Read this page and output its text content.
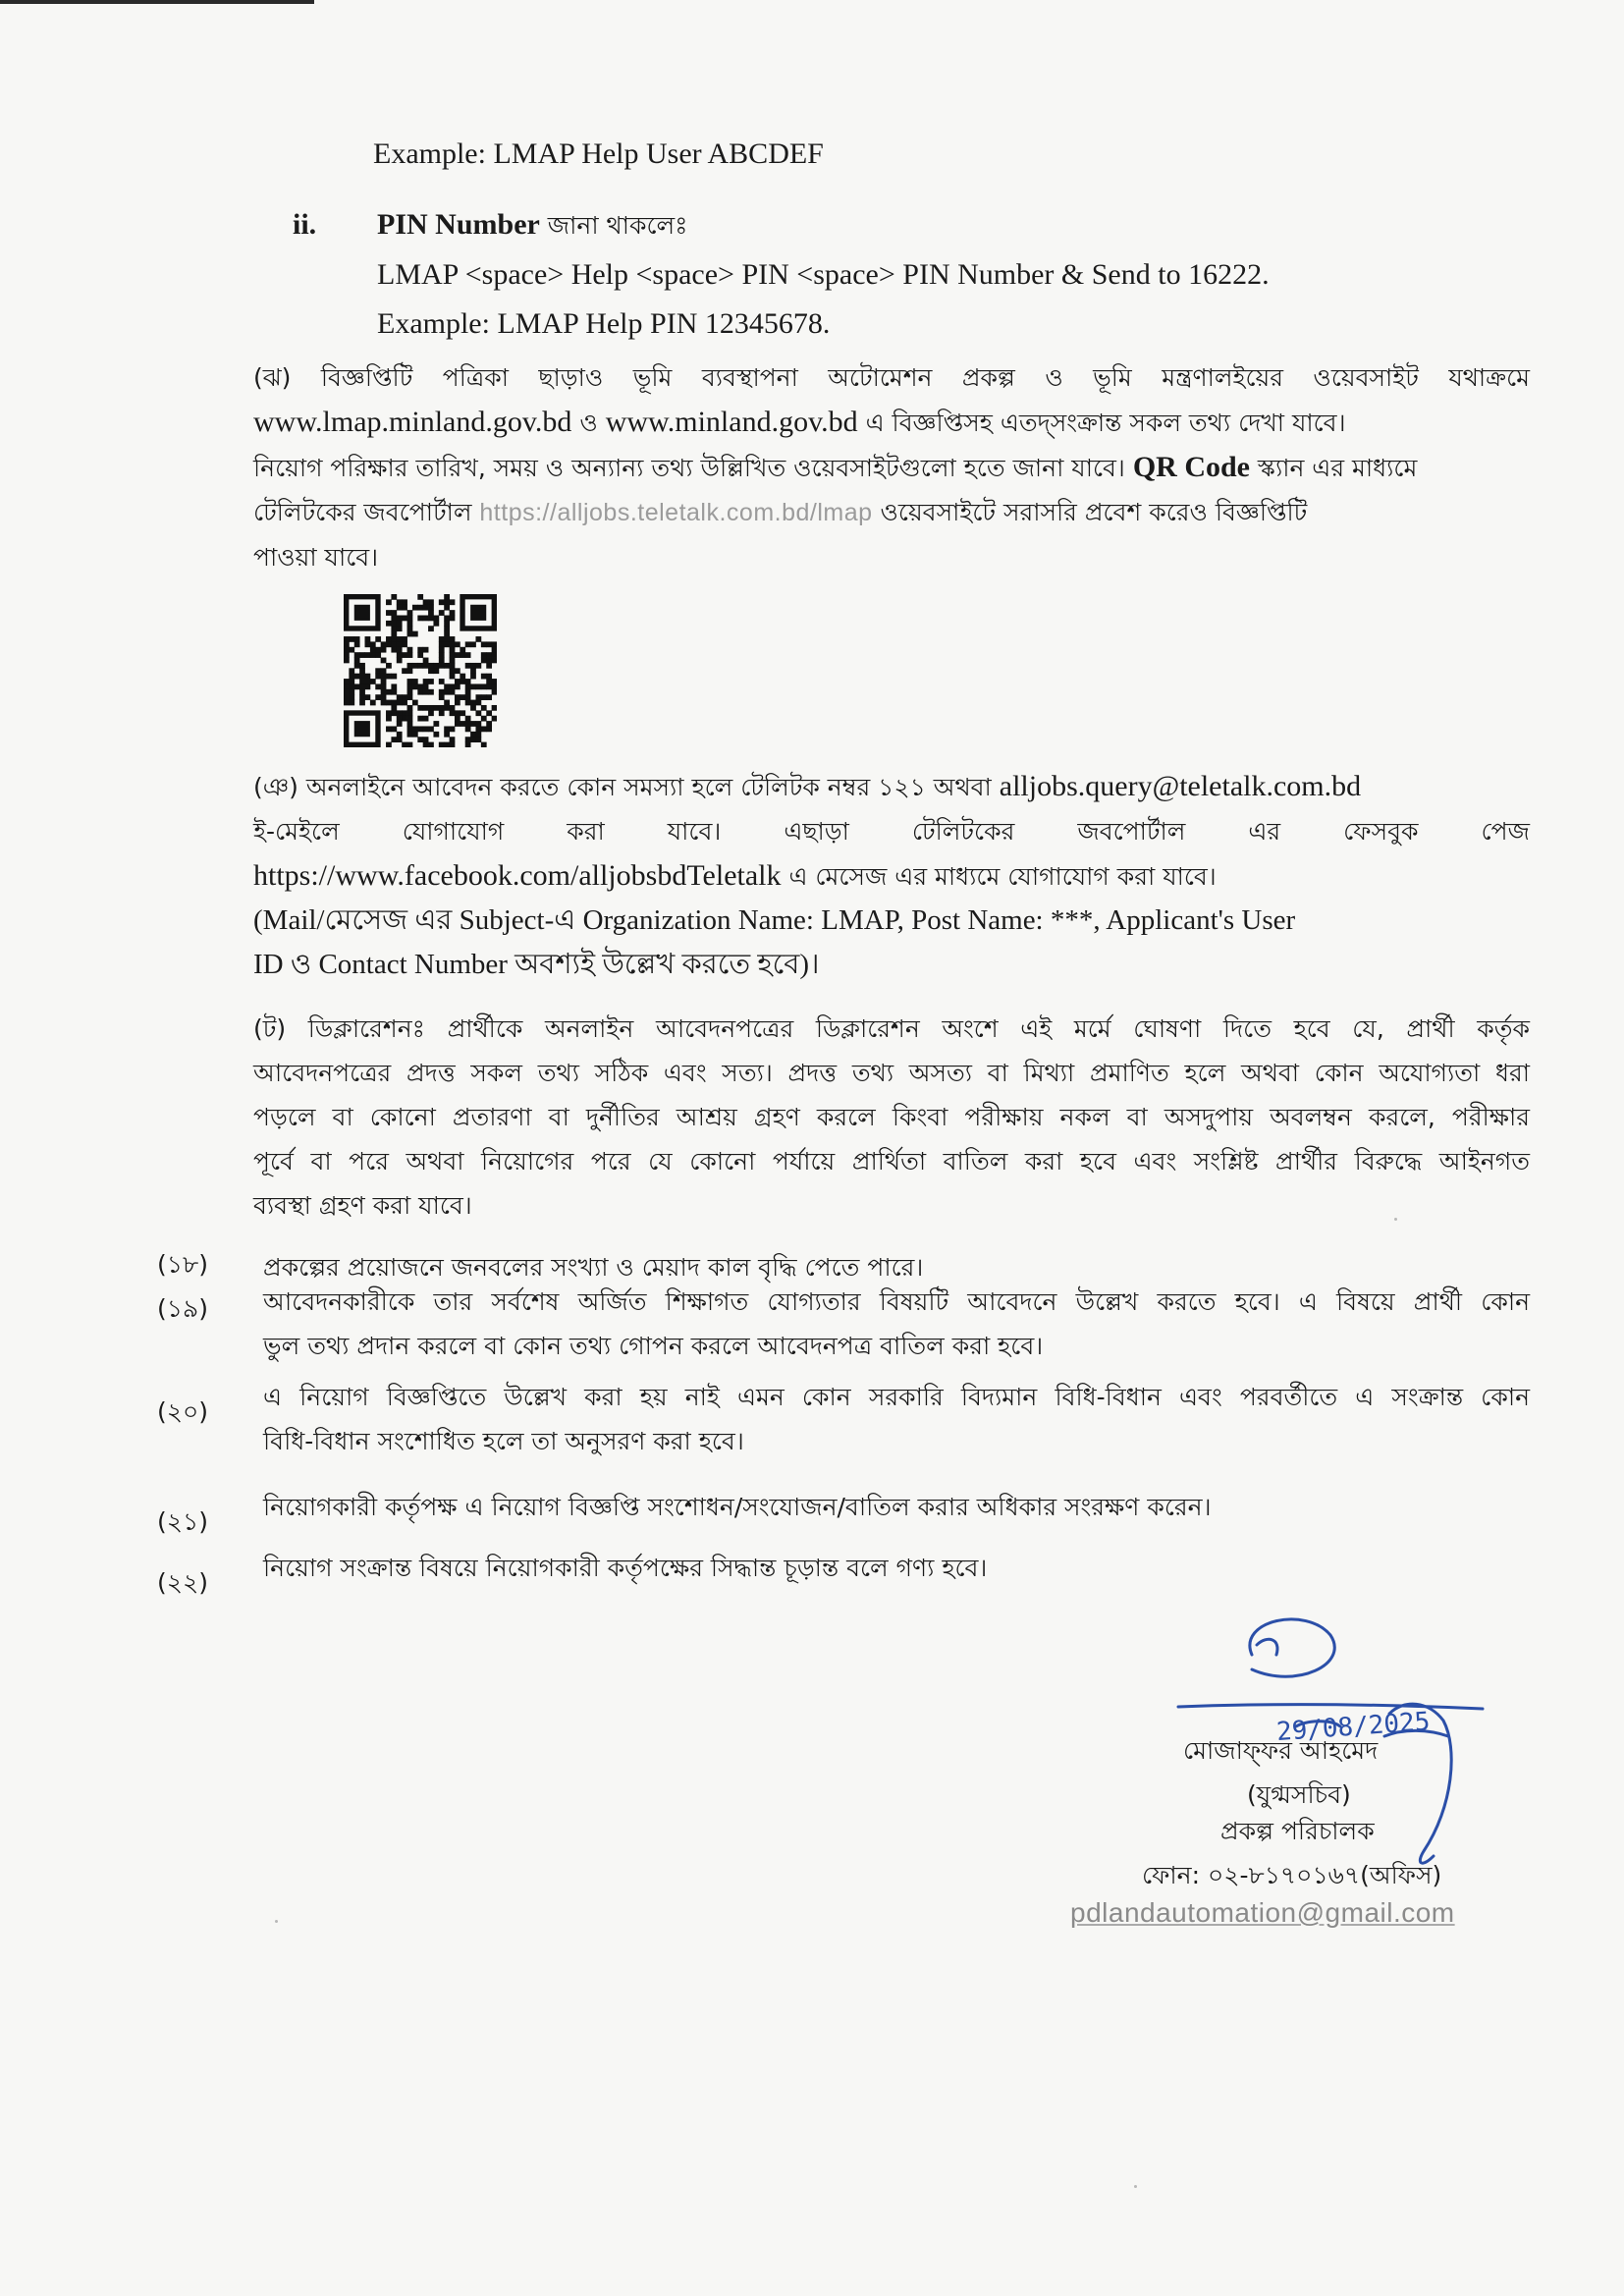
Example: LMAP Help User ABCDEF
ii. PIN Number জানা থাকলেঃ
LMAP <space> Help <space> PIN <space> PIN Number & Send to 16222.
Example: LMAP Help PIN 12345678.
(ঝ) বিজ্ঞপ্তিটি পত্রিকা ছাড়াও ভূমি ব্যবস্থাপনা অটোমেশন প্রকল্প ও ভূমি মন্ত্রণালইয়ের ওয়েবসাইট যথাক্রমে
www.lmap.minland.gov.bd ও www.minland.gov.bd এ বিজ্ঞপ্তিসহ এতদ্সংক্রান্ত সকল তথ্য দেখা যাবে।
নিয়োগ পরিক্ষার তারিখ, সময় ও অন্যান্য তথ্য উল্লিখিত ওয়েবসাইটগুলো হতে জানা যাবে। QR Code স্ক্যান এর মাধ্যমে
টেলিটকের জবপোর্টাল https://alljobs.teletalk.com.bd/lmap ওয়েবসাইটে সরাসরি প্রবেশ করেও বিজ্ঞপ্তিটি
পাওয়া যাবে।
(ঞ) অনলাইনে আবেদন করতে কোন সমস্যা হলে টেলিটক নম্বর ১২১ অথবা alljobs.query@teletalk.com.bd
ই-মেইলে যোগাযোগ করা যাবে। এছাড়া টেলিটকের জবপোর্টাল এর ফেসবুক পেজ
https://www.facebook.com/alljobsbdTeletalk এ মেসেজ এর মাধ্যমে যোগাযোগ করা যাবে।
(Mail/মেসেজ এর Subject-এ Organization Name: LMAP, Post Name: ***, Applicant's User
ID ও Contact Number অবশ্যই উল্লেখ করতে হবে)।
(ট) ডিক্লারেশনঃ প্রার্থীকে অনলাইন আবেদনপত্রের ডিক্লারেশন অংশে এই মর্মে ঘোষণা দিতে হবে যে, প্রার্থী কর্তৃক
আবেদনপত্রের প্রদত্ত সকল তথ্য সঠিক এবং সত্য। প্রদত্ত তথ্য অসত্য বা মিথ্যা প্রমাণিত হলে অথবা কোন অযোগ্যতা ধরা
পড়লে বা কোনো প্রতারণা বা দুর্নীতির আশ্রয় গ্রহণ করলে কিংবা পরীক্ষায় নকল বা অসদুপায় অবলম্বন করলে, পরীক্ষার
পূর্বে বা পরে অথবা নিয়োগের পরে যে কোনো পর্যায়ে প্রার্থিতা বাতিল করা হবে এবং সংশ্লিষ্ট প্রার্থীর বিরুদ্ধে আইনগত
ব্যবস্থা গ্রহণ করা যাবে।
(১৮)	প্রকল্পের প্রয়োজনে জনবলের সংখ্যা ও মেয়াদ কাল বৃদ্ধি পেতে পারে।
(১৯)	আবেদনকারীকে তার সর্বশেষ অর্জিত শিক্ষাগত যোগ্যতার বিষয়টি আবেদনে উল্লেখ করতে হবে। এ বিষয়ে প্রার্থী কোন
ভুল তথ্য প্রদান করলে বা কোন তথ্য গোপন করলে আবেদনপত্র বাতিল করা হবে।
(২০)
এ নিয়োগ বিজ্ঞপ্তিতে উল্লেখ করা হয় নাই এমন কোন সরকারি বিদ্যমান বিধি-বিধান এবং পরবর্তীতে এ সংক্রান্ত কোন
বিধি-বিধান সংশোধিত হলে তা অনুসরণ করা হবে।
(২১)
নিয়োগকারী কর্তৃপক্ষ এ নিয়োগ বিজ্ঞপ্তি সংশোধন/সংযোজন/বাতিল করার অধিকার সংরক্ষণ করেন।
(২২)
নিয়োগ সংক্রান্ত বিষয়ে নিয়োগকারী কর্তৃপক্ষের সিদ্ধান্ত চূড়ান্ত বলে গণ্য হবে।
29/08/2025
মোজাফ্ফর আহমেদ
(যুগ্মসচিব)
প্রকল্প পরিচালক
ফোন: ০২-৮১৭০১৬৭(অফিস)
pdlandautomation@gmail.com
